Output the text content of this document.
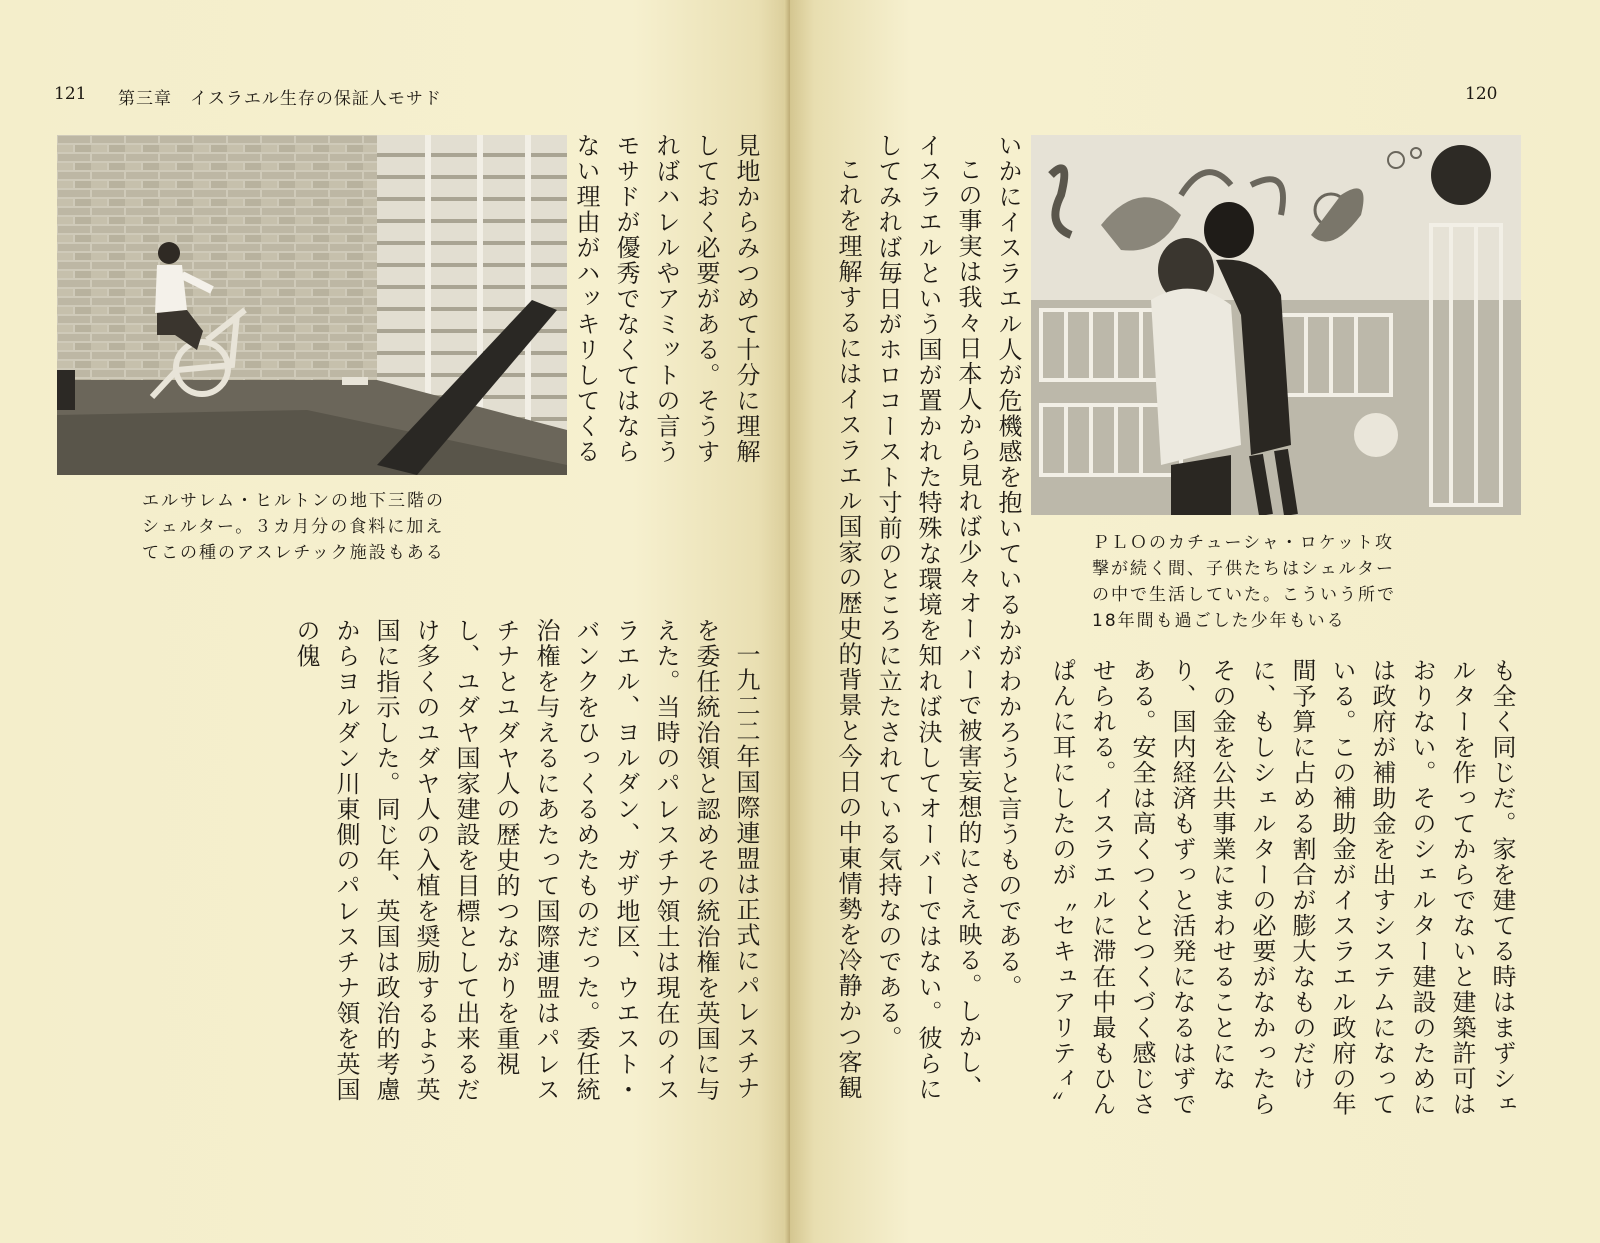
121 第三章　イスラエル生存の保証人モサド

エルサレム・ヒルトンの地下三階の
シェルター。３カ月分の食料に加え
てこの種のアスレチック施設もある

見地からみつめて十分に理解しておく必要がある。そうすればハレルやアミットの言うモサドが優秀でなくてはならない理由がハッキリしてくる

一九二二年国際連盟は正式にパレスチナを委任統治領と認めその統治権を英国に与えた。当時のパレスチナ領土は現在のイスラエル、ヨルダン、ガザ地区、ウエスト・バンクをひっくるめたものだった。委任統治権を与えるにあたって国際連盟はパレスチナとユダヤ人の歴史的つながりを重視し、ユダヤ国家建設を目標として出来るだけ多くのユダヤ人の入植を奨励するよう英国に指示した。同じ年、英国は政治的考慮からヨルダン川東側のパレスチナ領を英国の傀

120

ＰＬＯのカチューシャ・ロケット攻
撃が続く間、子供たちはシェルター
の中で生活していた。こういう所で
18年間も過ごした少年もいる

いかにイスラエル人が危機感を抱いているかがわかろうと言うものである。

この事実は我々日本人から見れば少々オーバーで被害妄想的にさえ映る。しかし、イスラエルという国が置かれた特殊な環境を知れば決してオーバーではない。彼らにしてみれば毎日がホロコースト寸前のところに立たされている気持なのである。

これを理解するにはイスラエル国家の歴史的背景と今日の中東情勢を冷静かつ客観

も全く同じだ。家を建てる時はまずシェルターを作ってからでないと建築許可はおりない。そのシェルター建設のためには政府が補助金を出すシステムになっている。この補助金がイスラエル政府の年間予算に占める割合が膨大なものだけに、もしシェルターの必要がなかったらその金を公共事業にまわせることになり、国内経済もずっと活発になるはずである。安全は高くつくとつくづく感じさせられる。イスラエルに滞在中最もひんぱんに耳にしたのが〝セキュアリティ〟
